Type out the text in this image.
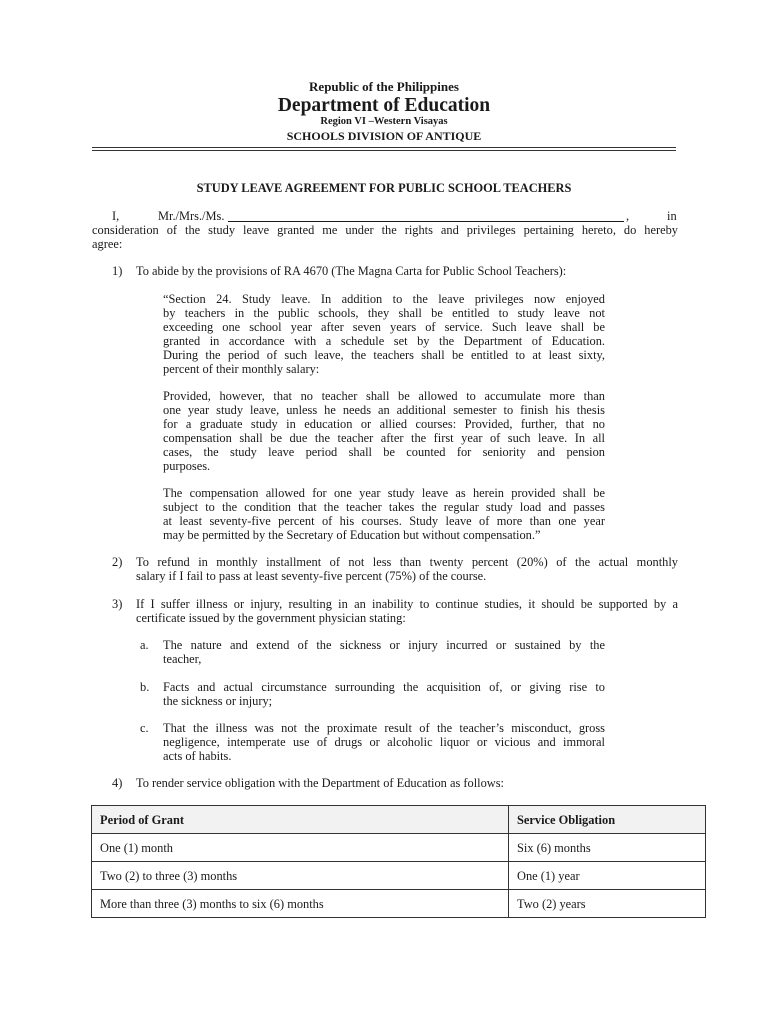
Republic of the Philippines
Department of Education
Region VI –Western Visayas
SCHOOLS DIVISION OF ANTIQUE
STUDY LEAVE AGREEMENT FOR PUBLIC SCHOOL TEACHERS
I,	Mr./Mrs./Ms.	,	in
consideration of the study leave granted me under the rights and privileges pertaining hereto, do hereby
agree:
1) To abide by the provisions of RA 4670 (The Magna Carta for Public School Teachers):
“Section 24. Study leave. In addition to the leave privileges now enjoyed
by teachers in the public schools, they shall be entitled to study leave not
exceeding one school year after seven years of service. Such leave shall be
granted in accordance with a schedule set by the Department of Education.
During the period of such leave, the teachers shall be entitled to at least sixty,
percent of their monthly salary:
Provided, however, that no teacher shall be allowed to accumulate more than
one year study leave, unless he needs an additional semester to finish his thesis
for a graduate study in education or allied courses: Provided, further, that no
compensation shall be due the teacher after the first year of such leave. In all
cases, the study leave period shall be counted for seniority and pension
purposes.
The compensation allowed for one year study leave as herein provided shall be
subject to the condition that the teacher takes the regular study load and passes
at least seventy-five percent of his courses. Study leave of more than one year
may be permitted by the Secretary of Education but without compensation.”
2) To refund in monthly installment of not less than twenty percent (20%) of the actual monthly
salary if I fail to pass at least seventy-five percent (75%) of the course.
3) If I suffer illness or injury, resulting in an inability to continue studies, it should be supported by a
certificate issued by the government physician stating:
a. The nature and extend of the sickness or injury incurred or sustained by the
teacher,
b. Facts and actual circumstance surrounding the acquisition of, or giving rise to
the sickness or injury;
c. That the illness was not the proximate result of the teacher’s misconduct, gross
negligence, intemperate use of drugs or alcoholic liquor or vicious and immoral
acts of habits.
4) To render service obligation with the Department of Education as follows:
Period of Grant	Service Obligation
One (1) month	Six (6) months
Two (2) to three (3) months	One (1) year
More than three (3) months to six (6) months	Two (2) years
